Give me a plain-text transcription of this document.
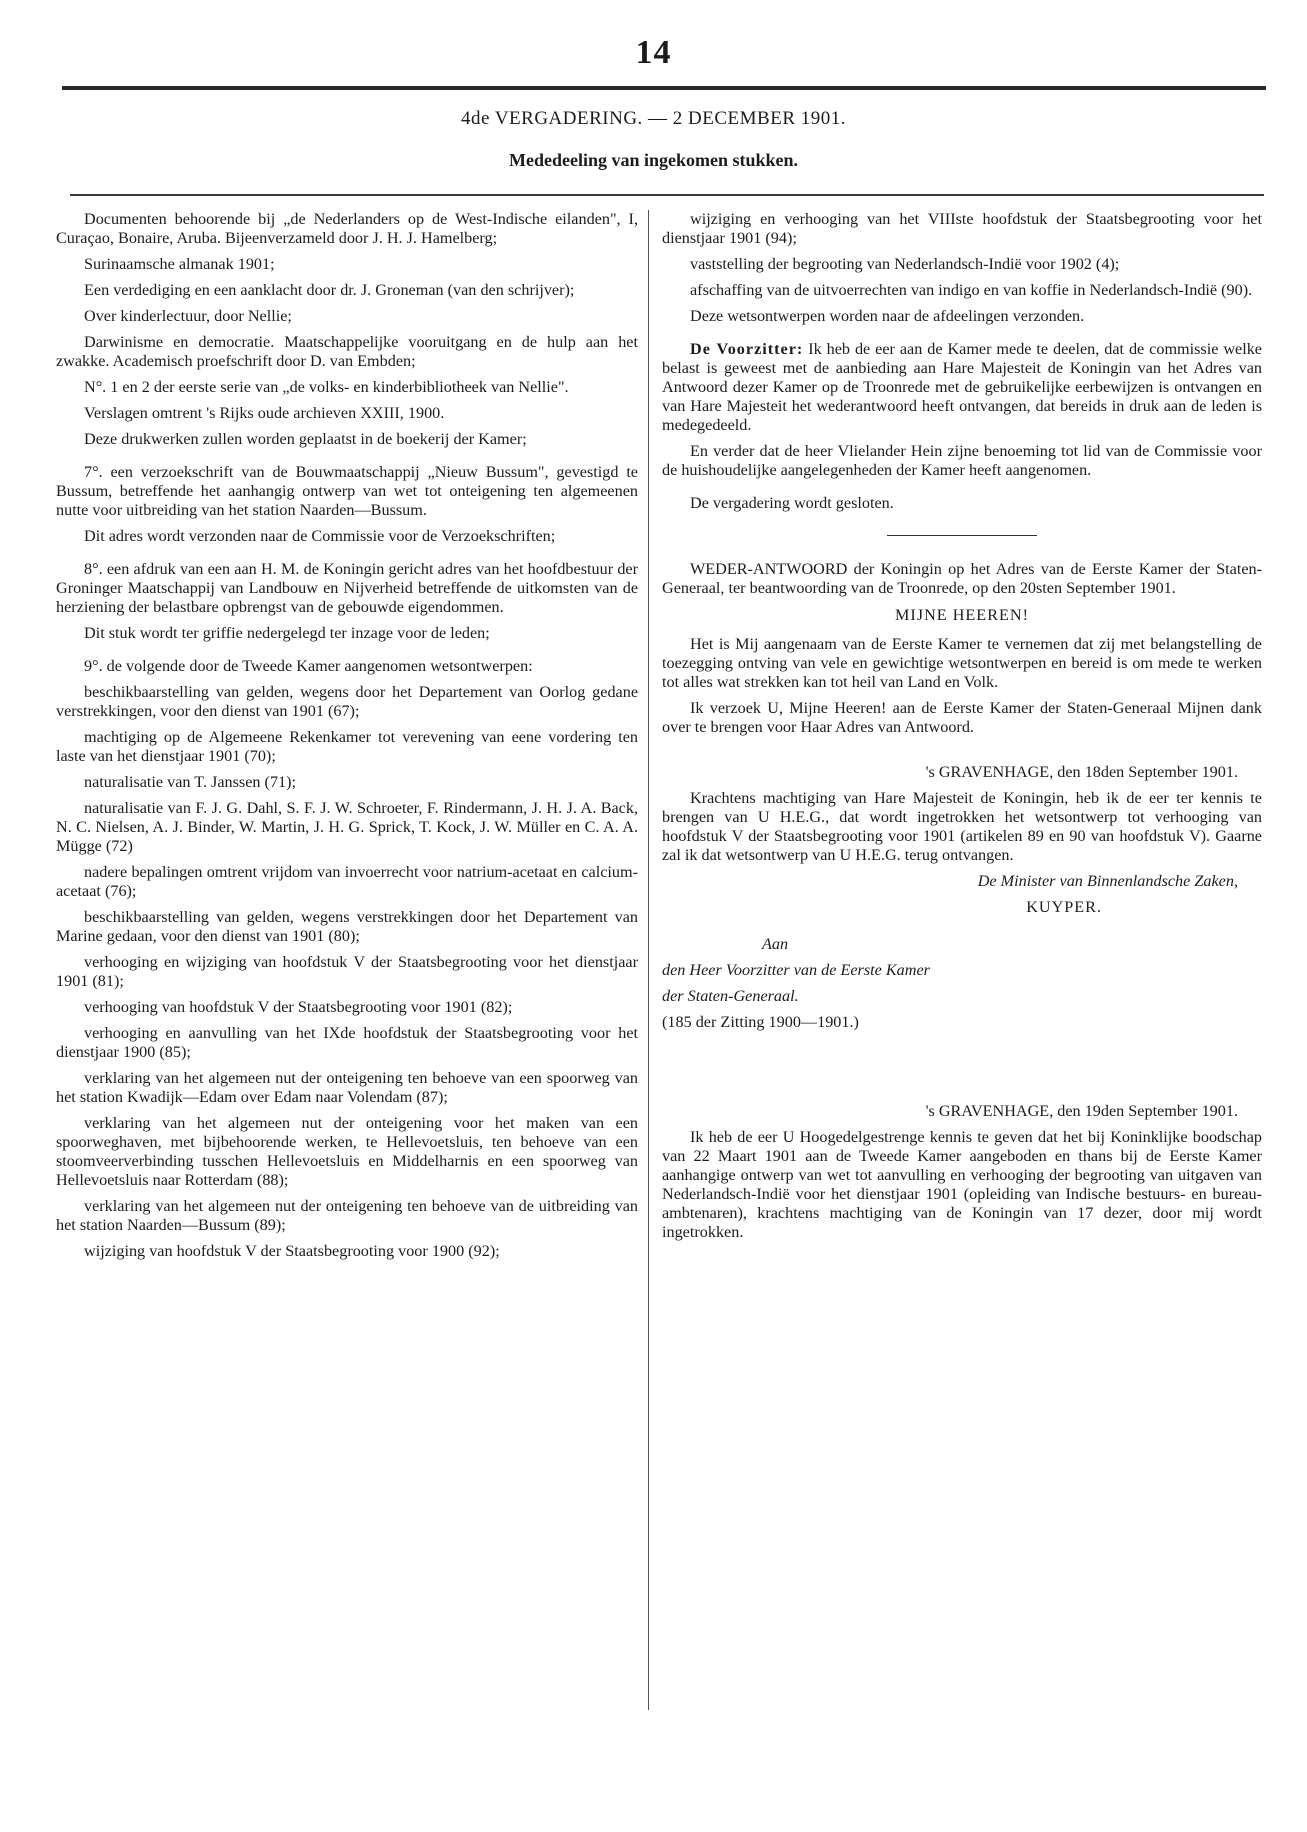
14
4de VERGADERING. — 2 DECEMBER 1901.
Mededeeling van ingekomen stukken.

Documenten behoorende bij „de Nederlanders op de West-Indische eilanden", I, Curaçao, Bonaire, Aruba. Bijeenverzameld door J. H. J. Hamelberg;

Surinaamsche almanak 1901;

Een verdediging en een aanklacht door dr. J. Groneman (van den schrijver);

Over kinderlectuur, door Nellie;

Darwinisme en democratie. Maatschappelijke vooruitgang en de hulp aan het zwakke. Academisch proefschrift door D. van Embden;

N°. 1 en 2 der eerste serie van „de volks- en kinderbibliotheek van Nellie".

Verslagen omtrent 's Rijks oude archieven XXIII, 1900.

Deze drukwerken zullen worden geplaatst in de boekerij der Kamer;

7°. een verzoekschrift van de Bouwmaatschappij „Nieuw Bussum", gevestigd te Bussum, betreffende het aanhangig ontwerp van wet tot onteigening ten algemeenen nutte voor uitbreiding van het station Naarden—Bussum.

Dit adres wordt verzonden naar de Commissie voor de Verzoekschriften;

8°. een afdruk van een aan H. M. de Koningin gericht adres van het hoofdbestuur der Groninger Maatschappij van Landbouw en Nijverheid betreffende de uitkomsten van de herziening der belastbare opbrengst van de gebouwde eigendommen.

Dit stuk wordt ter griffie nedergelegd ter inzage voor de leden;

9°. de volgende door de Tweede Kamer aangenomen wetsontwerpen:

beschikbaarstelling van gelden, wegens door het Departement van Oorlog gedane verstrekkingen, voor den dienst van 1901 (67);

machtiging op de Algemeene Rekenkamer tot verevening van eene vordering ten laste van het dienstjaar 1901 (70);

naturalisatie van T. Janssen (71);

naturalisatie van F. J. G. Dahl, S. F. J. W. Schroeter, F. Rindermann, J. H. J. A. Back, N. C. Nielsen, A. J. Binder, W. Martin, J. H. G. Sprick, T. Kock, J. W. Müller en C. A. A. Mügge (72)

nadere bepalingen omtrent vrijdom van invoerrecht voor natrium-acetaat en calcium-acetaat (76);

beschikbaarstelling van gelden, wegens verstrekkingen door het Departement van Marine gedaan, voor den dienst van 1901 (80);

verhooging en wijziging van hoofdstuk V der Staatsbegrooting voor het dienstjaar 1901 (81);

verhooging van hoofdstuk V der Staatsbegrooting voor 1901 (82);

verhooging en aanvulling van het IXde hoofdstuk der Staatsbegrooting voor het dienstjaar 1900 (85);

verklaring van het algemeen nut der onteigening ten behoeve van een spoorweg van het station Kwadijk—Edam over Edam naar Volendam (87);

verklaring van het algemeen nut der onteigening voor het maken van een spoorweghaven, met bijbehoorende werken, te Hellevoetsluis, ten behoeve van een stoomveerverbinding tusschen Hellevoetsluis en Middelharnis en een spoorweg van Hellevoetsluis naar Rotterdam (88);

verklaring van het algemeen nut der onteigening ten behoeve van de uitbreiding van het station Naarden—Bussum (89);

wijziging van hoofdstuk V der Staatsbegrooting voor 1900 (92);

wijziging en verhooging van het VIIIste hoofdstuk der Staatsbegrooting voor het dienstjaar 1901 (94);

vaststelling der begrooting van Nederlandsch-Indië voor 1902 (4);

afschaffing van de uitvoerrechten van indigo en van koffie in Nederlandsch-Indië (90).

Deze wetsontwerpen worden naar de afdeelingen verzonden.

De Voorzitter: Ik heb de eer aan de Kamer mede te deelen, dat de commissie welke belast is geweest met de aanbieding aan Hare Majesteit de Koningin van het Adres van Antwoord dezer Kamer op de Troonrede met de gebruikelijke eerbewijzen is ontvangen en van Hare Majesteit het wederantwoord heeft ontvangen, dat bereids in druk aan de leden is medegedeeld.

En verder dat de heer Vlielander Hein zijne benoeming tot lid van de Commissie voor de huishoudelijke aangelegenheden der Kamer heeft aangenomen.

De vergadering wordt gesloten.

WEDER-ANTWOORD der Koningin op het Adres van de Eerste Kamer der Staten-Generaal, ter beantwoording van de Troonrede, op den 20sten September 1901.

MIJNE HEEREN!

Het is Mij aangenaam van de Eerste Kamer te vernemen dat zij met belangstelling de toezegging ontving van vele en gewichtige wetsontwerpen en bereid is om mede te werken tot alles wat strekken kan tot heil van Land en Volk.

Ik verzoek U, Mijne Heeren! aan de Eerste Kamer der Staten-Generaal Mijnen dank over te brengen voor Haar Adres van Antwoord.

's GRAVENHAGE, den 18den September 1901.

Krachtens machtiging van Hare Majesteit de Koningin, heb ik de eer ter kennis te brengen van U H.E.G., dat wordt ingetrokken het wetsontwerp tot verhooging van hoofdstuk V der Staatsbegrooting voor 1901 (artikelen 89 en 90 van hoofdstuk V). Gaarne zal ik dat wetsontwerp van U H.E.G. terug ontvangen.

De Minister van Binnenlandsche Zaken,

KUYPER.

Aan

den Heer Voorzitter van de Eerste Kamer

der Staten-Generaal.

(185 der Zitting 1900—1901.)

's GRAVENHAGE, den 19den September 1901.

Ik heb de eer U Hoogedelgestrenge kennis te geven dat het bij Koninklijke boodschap van 22 Maart 1901 aan de Tweede Kamer aangeboden en thans bij de Eerste Kamer aanhangige ontwerp van wet tot aanvulling en verhooging der begrooting van uitgaven van Nederlandsch-Indië voor het dienstjaar 1901 (opleiding van Indische bestuurs- en bureau-ambtenaren), krachtens machtiging van de Koningin van 17 dezer, door mij wordt ingetrokken.
